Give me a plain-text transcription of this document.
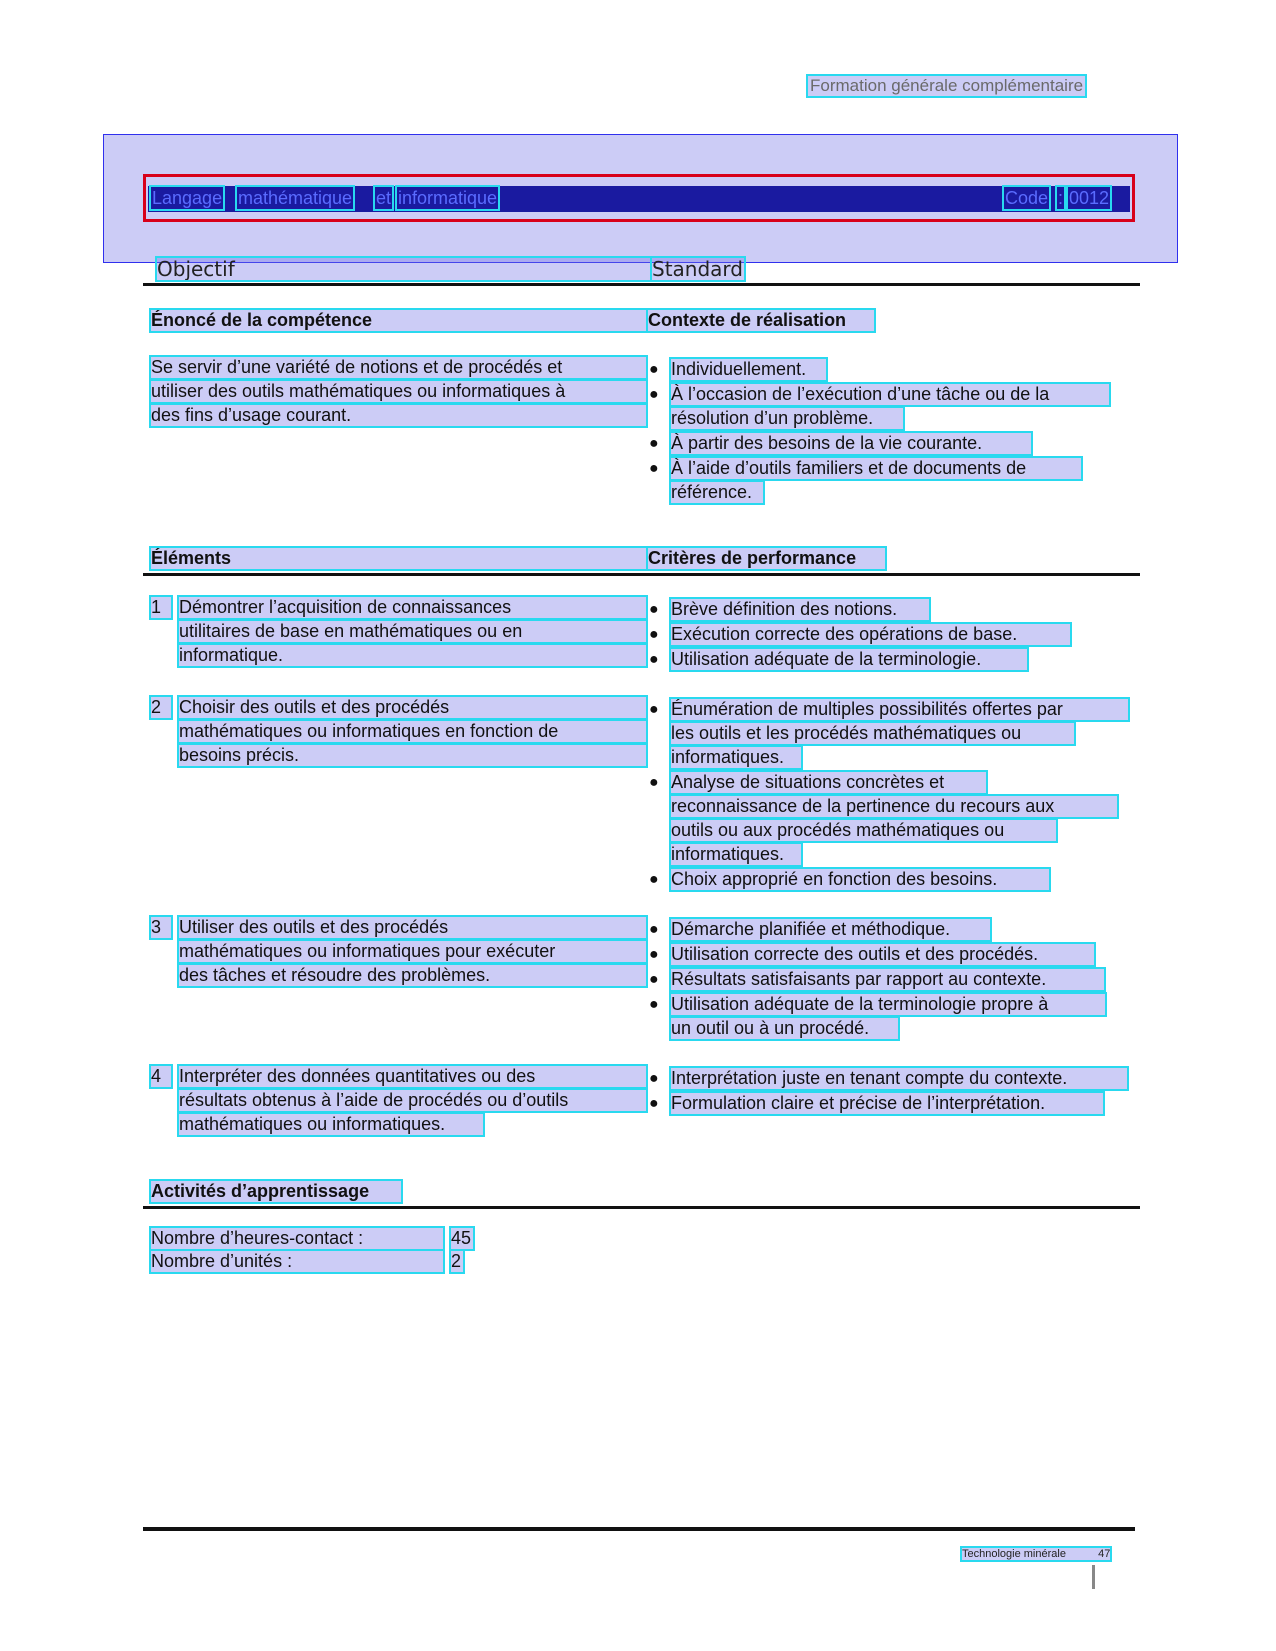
Formation générale complémentaire
Langage mathématique et informatique	Code : 0012
Objectif	Standard
Énoncé de la compétence	Contexte de réalisation
Se servir d’une variété de notions et de procédés et
utiliser des outils mathématiques ou informatiques à
des fins d’usage courant.
● Individuellement.
● À l’occasion de l’exécution d’une tâche ou de la
résolution d’un problème.
● À partir des besoins de la vie courante.
● À l’aide d’outils familiers et de documents de
référence.
Éléments	Critères de performance
1 Démontrer l’acquisition de connaissances
utilitaires de base en mathématiques ou en
informatique.
● Brève définition des notions.
● Exécution correcte des opérations de base.
● Utilisation adéquate de la terminologie.
2 Choisir des outils et des procédés
mathématiques ou informatiques en fonction de
besoins précis.
● Énumération de multiples possibilités offertes par
les outils et les procédés mathématiques ou
informatiques.
● Analyse de situations concrètes et
reconnaissance de la pertinence du recours aux
outils ou aux procédés mathématiques ou
informatiques.
● Choix approprié en fonction des besoins.
3 Utiliser des outils et des procédés
mathématiques ou informatiques pour exécuter
des tâches et résoudre des problèmes.
● Démarche planifiée et méthodique.
● Utilisation correcte des outils et des procédés.
● Résultats satisfaisants par rapport au contexte.
● Utilisation adéquate de la terminologie propre à
un outil ou à un procédé.
4 Interpréter des données quantitatives ou des
résultats obtenus à l’aide de procédés ou d’outils
mathématiques ou informatiques.
● Interprétation juste en tenant compte du contexte.
● Formulation claire et précise de l’interprétation.
Activités d’apprentissage
Nombre d’heures-contact :	45
Nombre d’unités :	2
Technologie minérale	47
